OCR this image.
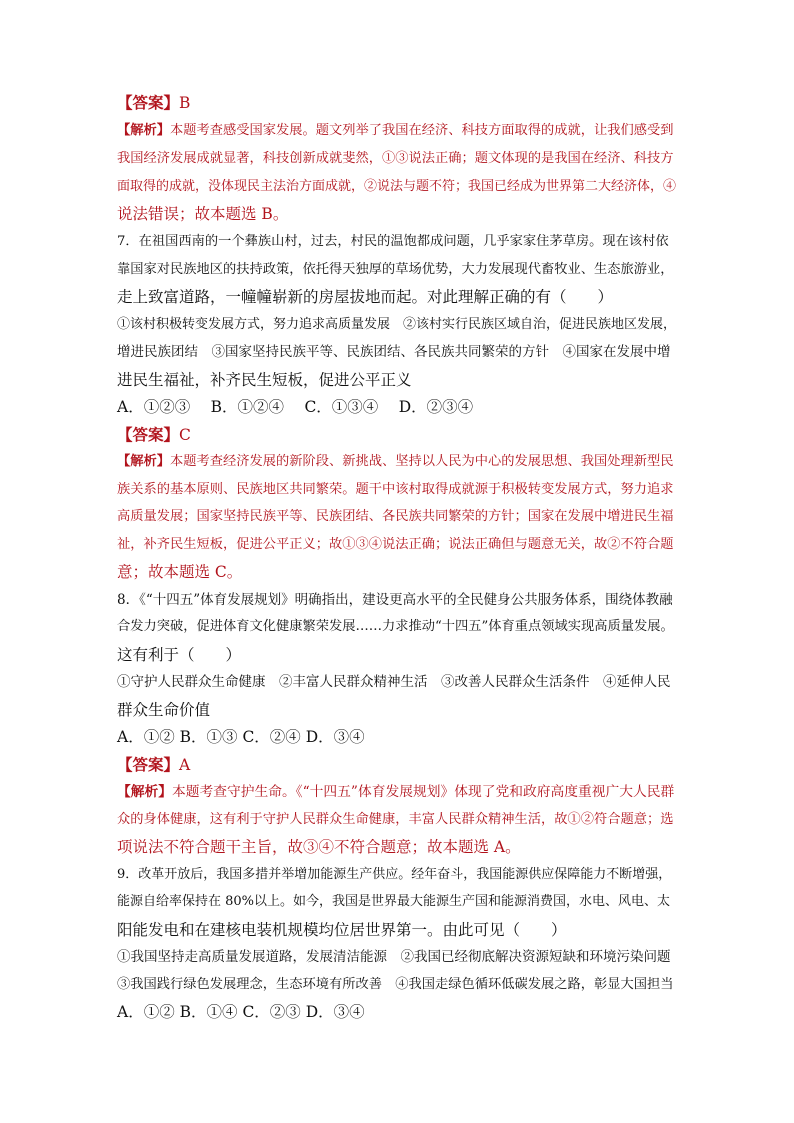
【答案】B
【解析】本题考查感受国家发展。题文列举了我国在经济、科技方面取得的成就，让我们感受到
我国经济发展成就显著，科技创新成就斐然，①③说法正确；题文体现的是我国在经济、科技方
面取得的成就，没体现民主法治方面成就，②说法与题不符；我国已经成为世界第二大经济体，④
说法错误；故本题选 B。
7．在祖国西南的一个彝族山村，过去，村民的温饱都成问题，几乎家家住茅草房。现在该村依
靠国家对民族地区的扶持政策，依托得天独厚的草场优势，大力发展现代畜牧业、生态旅游业，
走上致富道路，一幢幢崭新的房屋拔地而起。对此理解正确的有（　　）
①该村积极转变发展方式，努力追求高质量发展　②该村实行民族区域自治，促进民族地区发展，
增进民族团结　③国家坚持民族平等、民族团结、各民族共同繁荣的方针　④国家在发展中增
进民生福祉，补齐民生短板，促进公平正义
A．①②③　 B．①②④　 C．①③④　 D．②③④
【答案】C
【解析】本题考查经济发展的新阶段、新挑战、坚持以人民为中心的发展思想、我国处理新型民
族关系的基本原则、民族地区共同繁荣。题干中该村取得成就源于积极转变发展方式，努力追求
高质量发展；国家坚持民族平等、民族团结、各民族共同繁荣的方针；国家在发展中增进民生福
祉，补齐民生短板，促进公平正义；故①③④说法正确；说法正确但与题意无关，故②不符合题
意；故本题选 C。
8．《“十四五”体育发展规划》明确指出，建设更高水平的全民健身公共服务体系，围绕体教融
合发力突破，促进体育文化健康繁荣发展……力求推动“十四五”体育重点领域实现高质量发展。
这有利于（　　）
①守护人民群众生命健康　②丰富人民群众精神生活　③改善人民群众生活条件　④延伸人民
群众生命价值
A．①② B．①③ C．②④ D．③④
【答案】A
【解析】本题考查守护生命。《“十四五”体育发展规划》体现了党和政府高度重视广大人民群
众的身体健康，这有利于守护人民群众生命健康，丰富人民群众精神生活，故①②符合题意；选
项说法不符合题干主旨，故③④不符合题意；故本题选 A。
9．改革开放后，我国多措并举增加能源生产供应。经年奋斗，我国能源供应保障能力不断增强，
能源自给率保持在 80%以上。如今，我国是世界最大能源生产国和能源消费国，水电、风电、太
阳能发电和在建核电装机规模均位居世界第一。由此可见（　　）
①我国坚持走高质量发展道路，发展清洁能源　②我国已经彻底解决资源短缺和环境污染问题
③我国践行绿色发展理念，生态环境有所改善　④我国走绿色循环低碳发展之路，彰显大国担当
A．①② B．①④ C．②③ D．③④
